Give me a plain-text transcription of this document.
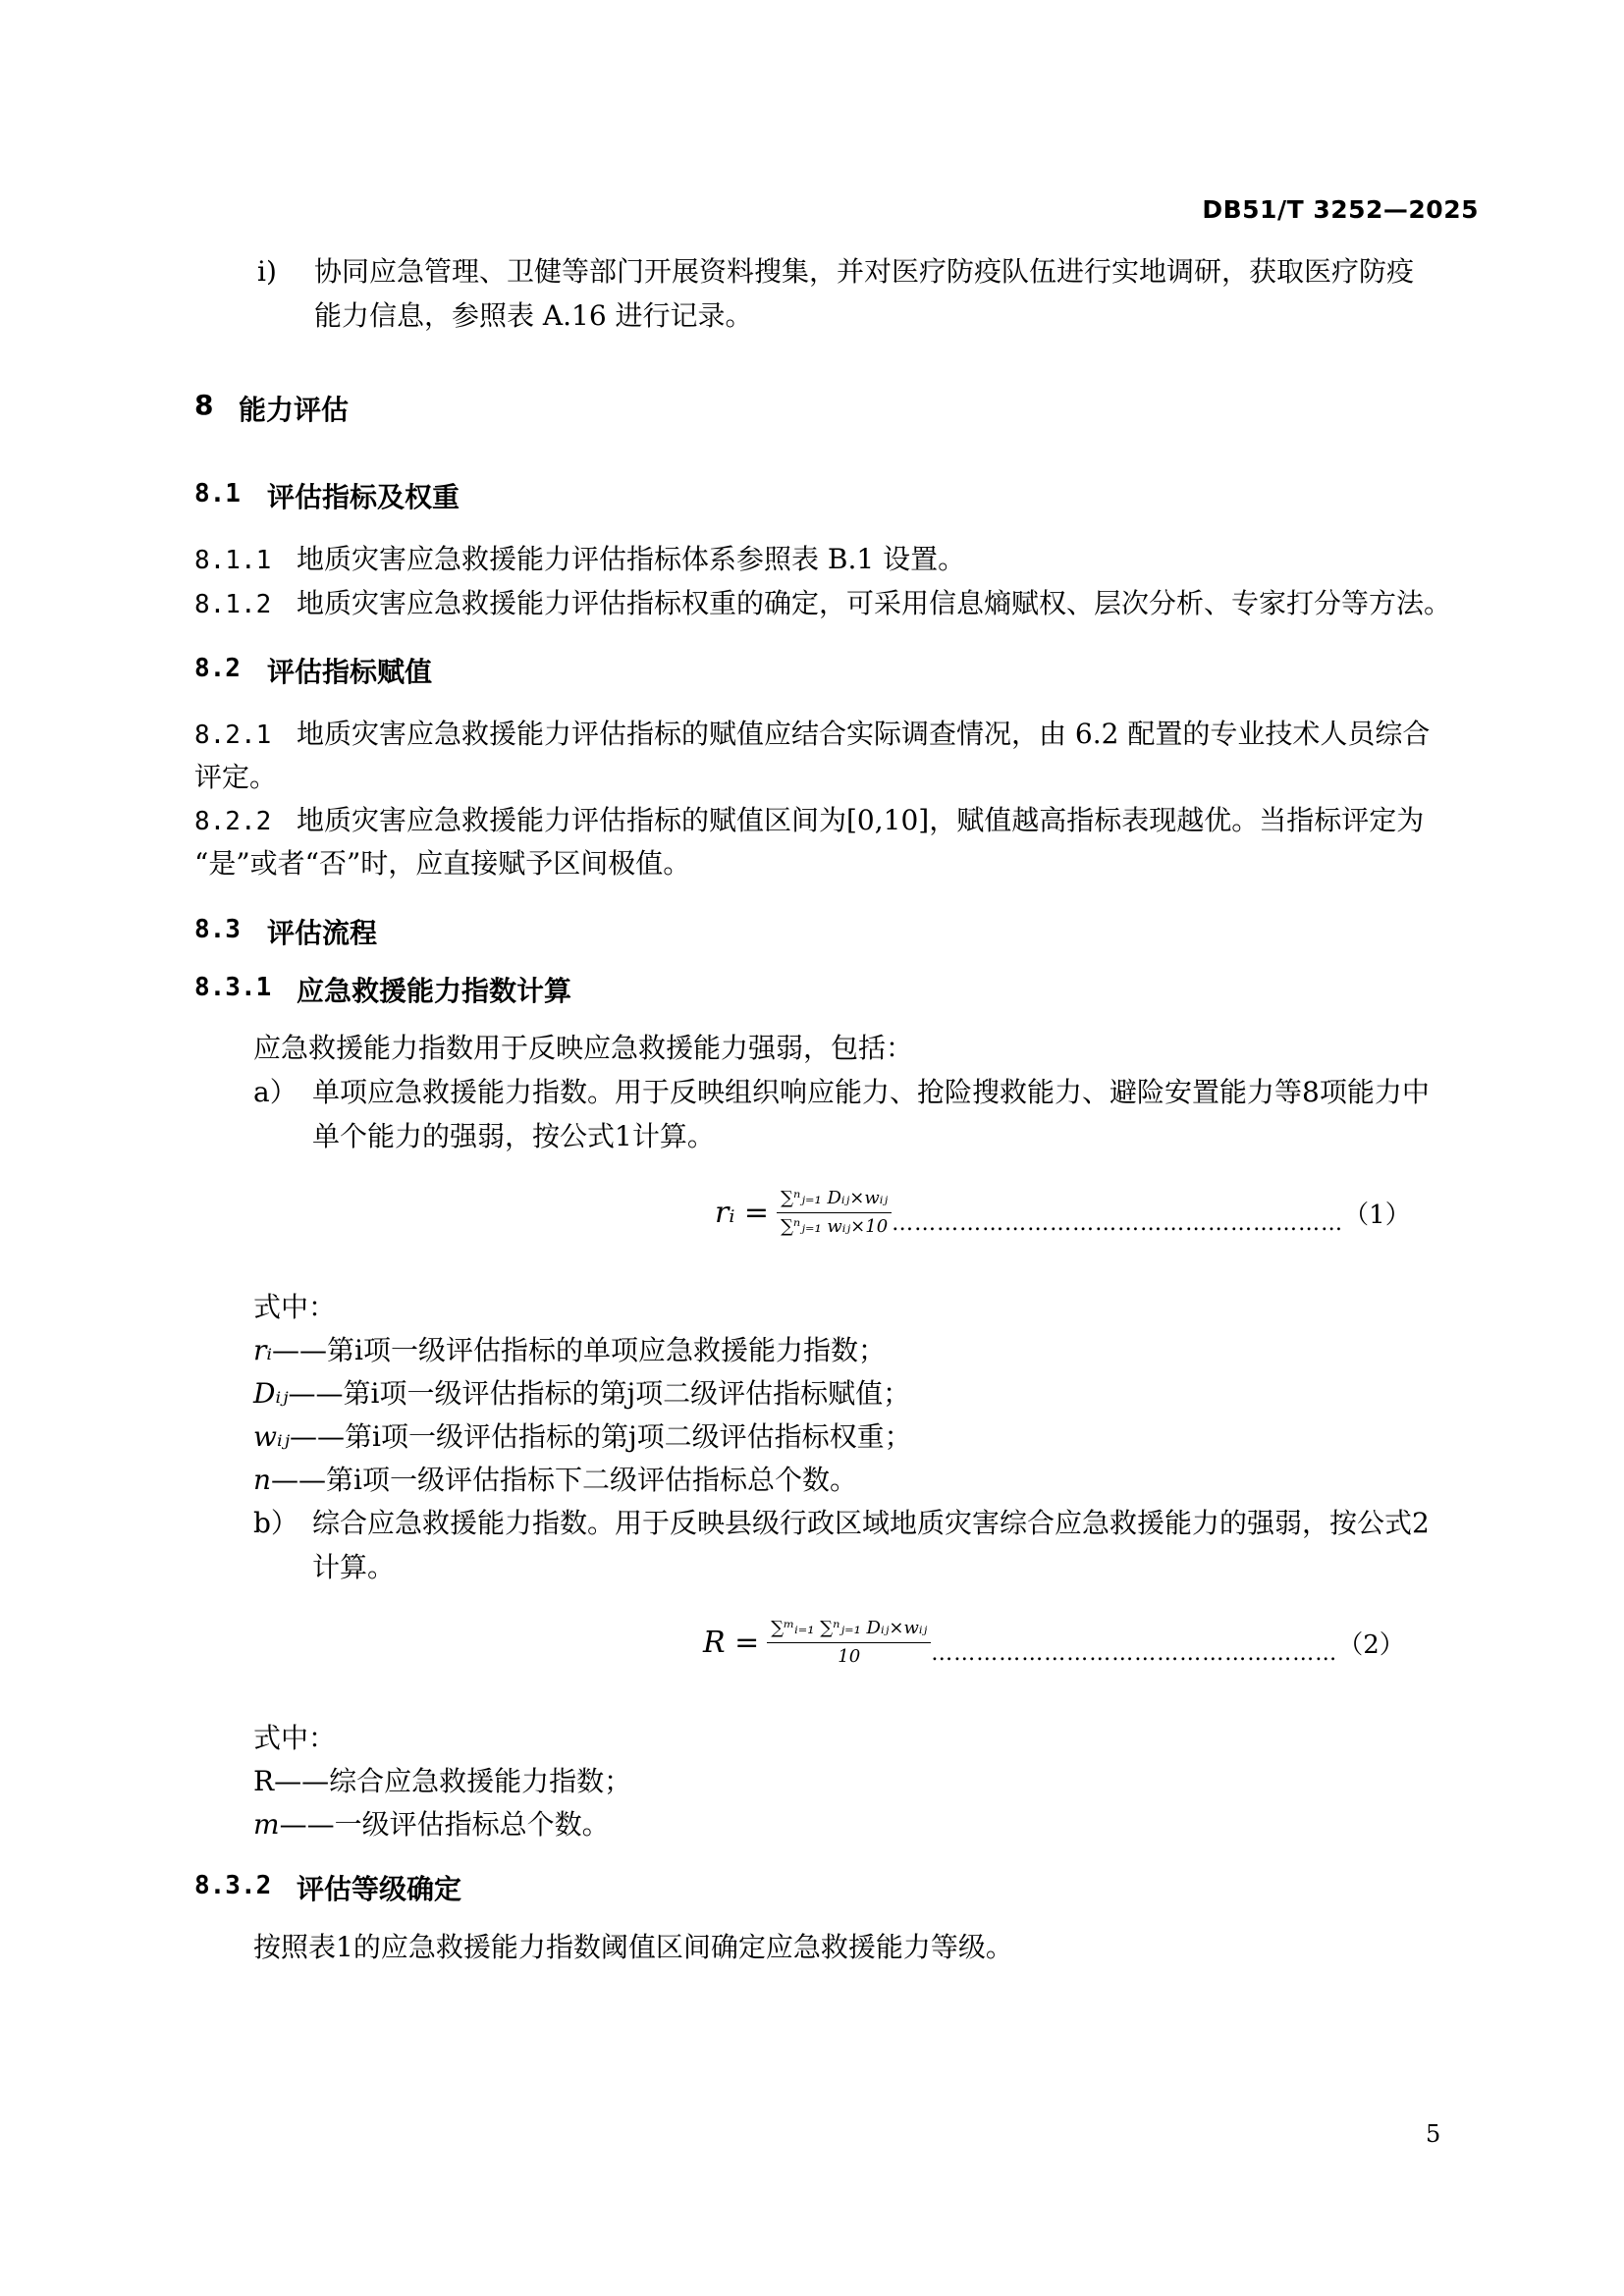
DB51/T 3252—2025
i) 协同应急管理、卫健等部门开展资料搜集，并对医疗防疫队伍进行实地调研，获取医疗防疫
能力信息，参照表 A.16 进行记录。
8 能力评估
8.1 评估指标及权重
8.1.1 地质灾害应急救援能力评估指标体系参照表 B.1 设置。
8.1.2 地质灾害应急救援能力评估指标权重的确定，可采用信息熵赋权、层次分析、专家打分等方法。
8.2 评估指标赋值
8.2.1 地质灾害应急救援能力评估指标的赋值应结合实际调查情况，由 6.2 配置的专业技术人员综合
评定。
8.2.2 地质灾害应急救援能力评估指标的赋值区间为[0,10]，赋值越高指标表现越优。当指标评定为
“是”或者“否”时，应直接赋予区间极值。
8.3 评估流程
8.3.1 应急救援能力指数计算
应急救援能力指数用于反映应急救援能力强弱，包括：
a） 单项应急救援能力指数。用于反映组织响应能力、抢险搜救能力、避险安置能力等8项能力中
单个能力的强弱，按公式1计算。
rᵢ = $\frac{\text{∑ⁿⱼ₌₁ Dᵢⱼ×wᵢⱼ}}{\text{∑ⁿⱼ₌₁ wᵢⱼ×10}}$ …………………………………………………… （1）
式中：
rᵢ——第i项一级评估指标的单项应急救援能力指数；
Dᵢⱼ——第i项一级评估指标的第j项二级评估指标赋值；
wᵢⱼ——第i项一级评估指标的第j项二级评估指标权重；
n——第i项一级评估指标下二级评估指标总个数。
b） 综合应急救援能力指数。用于反映县级行政区域地质灾害综合应急救援能力的强弱，按公式2
计算。
$R = \frac{\text{∑ᵐᵢ₌₁ ∑ⁿⱼ₌₁ Dᵢⱼ×wᵢⱼ}}{10}$ ……………………………………………… （2）
式中：
R——综合应急救援能力指数；
m——一级评估指标总个数。
8.3.2 评估等级确定
按照表1的应急救援能力指数阈值区间确定应急救援能力等级。
5
